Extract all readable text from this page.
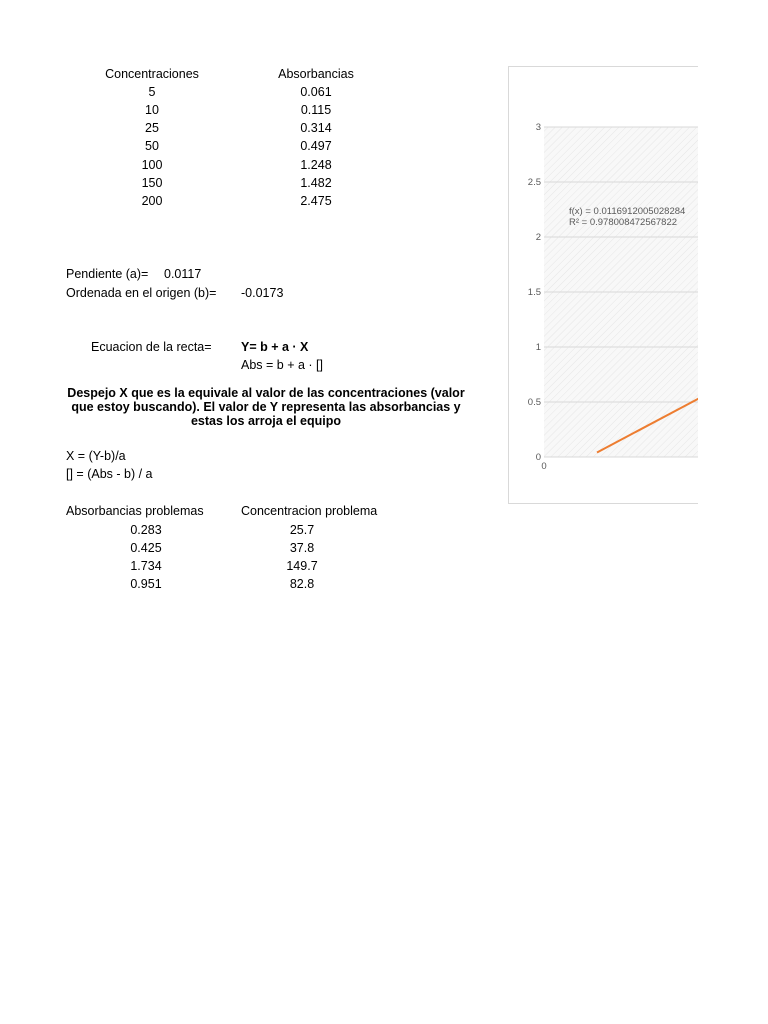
Concentraciones	Absorbancias
5	0.061
10	0.115
25	0.314
50	0.497
100	1.248
150	1.482
200	2.475
Pendiente (a)= 0.0117
Ordenada en el origen (b)= -0.0173
Ecuacion de la recta= Y= b + a · X
Abs = b + a · []
Despejo X que es la equivale al valor de las concentraciones (valor que estoy buscando). El valor de Y representa las absorbancias y estas los arroja el equipo
X = (Y-b)/a
[] = (Abs - b) / a
Absorbancias problemas	Concentracion problema
0.283	25.7
0.425	37.8
1.734	149.7
0.951	82.8
3
2.5
2
1.5
1
0.5
0
0
f(x) = 0.0116912005028284
R² = 0.978008472567822
